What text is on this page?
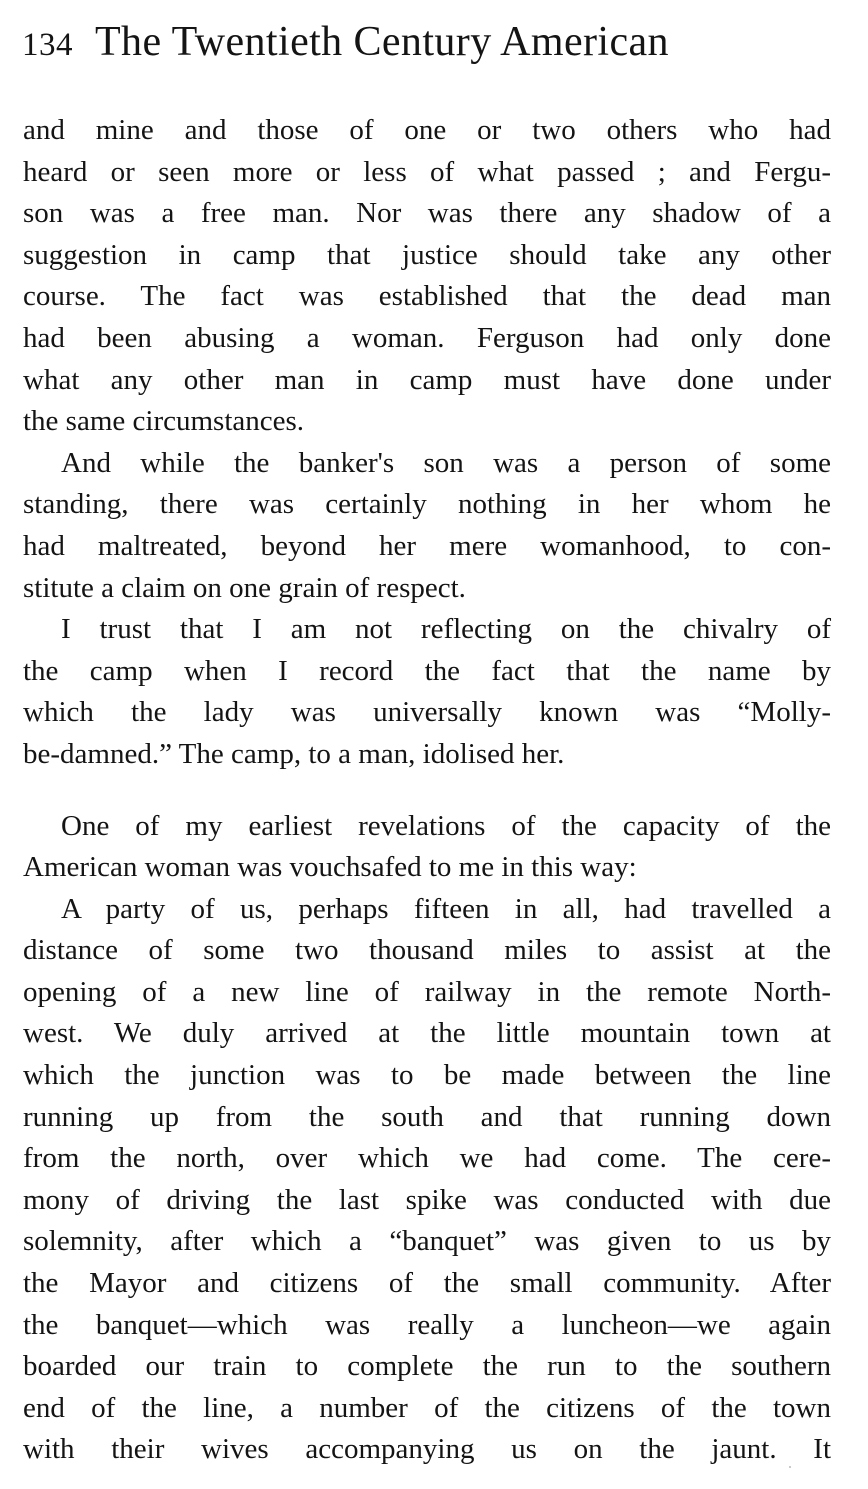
134 The Twentieth Century American
and mine and those of one or two others who had
heard or seen more or less of what passed ; and Fergu-
son was a free man. Nor was there any shadow of a
suggestion in camp that justice should take any other
course. The fact was established that the dead man
had been abusing a woman. Ferguson had only done
what any other man in camp must have done under
the same circumstances.
And while the banker's son was a person of some
standing, there was certainly nothing in her whom he
had maltreated, beyond her mere womanhood, to con-
stitute a claim on one grain of respect.
I trust that I am not reflecting on the chivalry of
the camp when I record the fact that the name by
which the lady was universally known was “Molly-
be-damned.” The camp, to a man, idolised her.
One of my earliest revelations of the capacity of the
American woman was vouchsafed to me in this way:
A party of us, perhaps fifteen in all, had travelled a
distance of some two thousand miles to assist at the
opening of a new line of railway in the remote North-
west. We duly arrived at the little mountain town at
which the junction was to be made between the line
running up from the south and that running down
from the north, over which we had come. The cere-
mony of driving the last spike was conducted with due
solemnity, after which a “banquet” was given to us by
the Mayor and citizens of the small community. After
the banquet—which was really a luncheon—we again
boarded our train to complete the run to the southern
end of the line, a number of the citizens of the town
with their wives accompanying us on the jaunt. It
